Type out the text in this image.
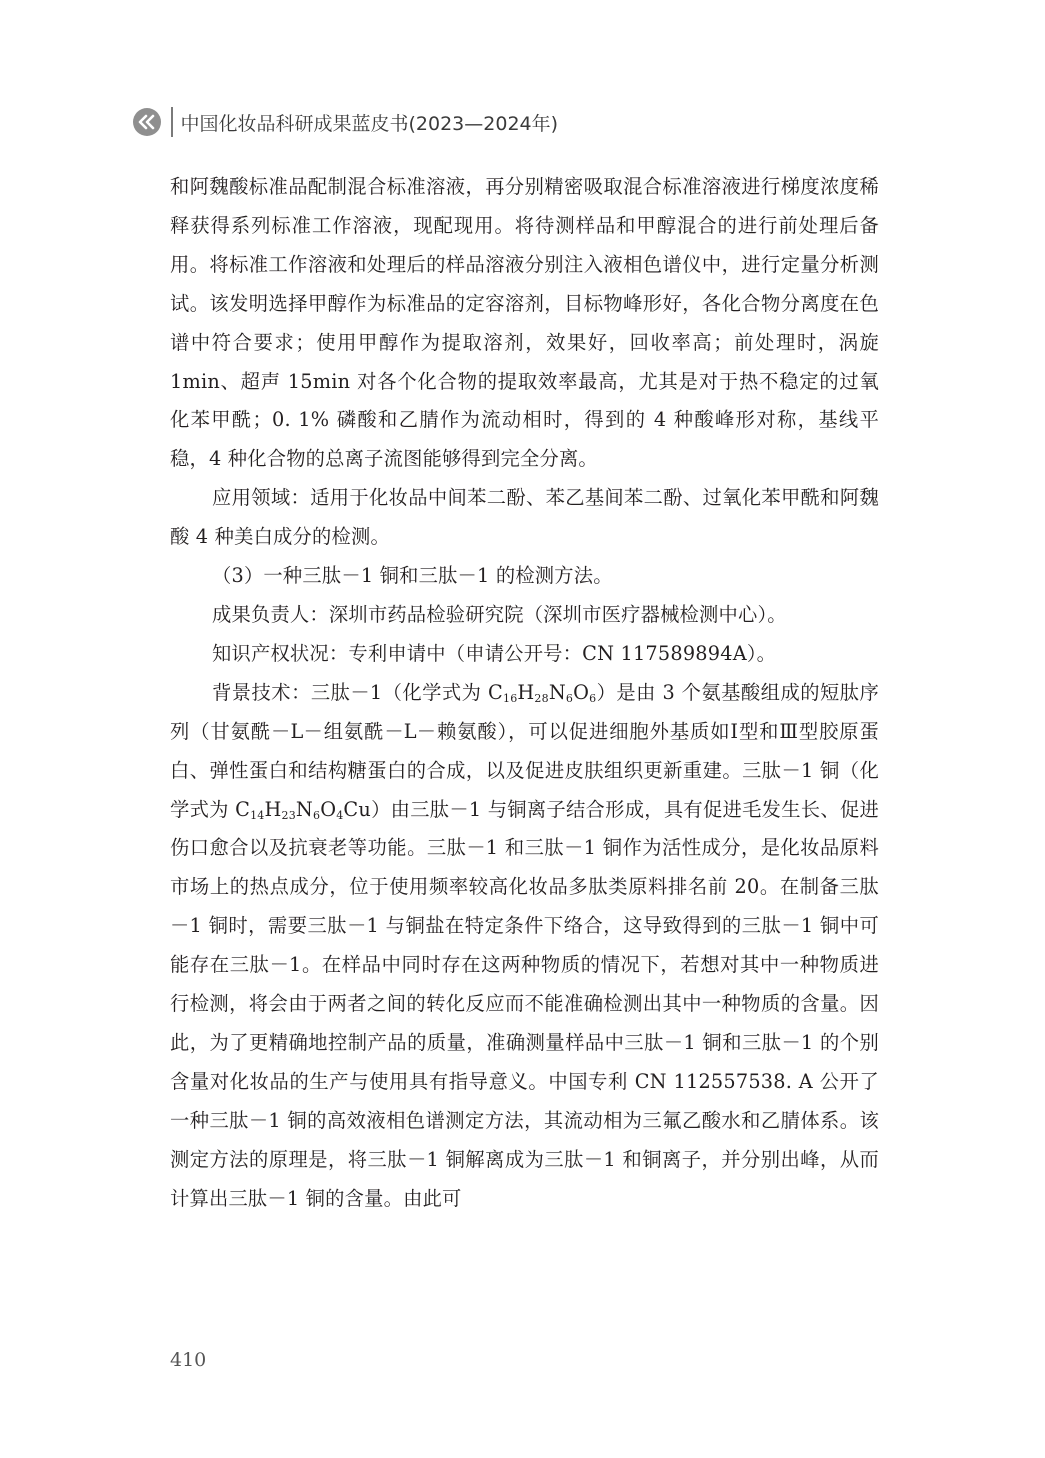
中国化妆品科研成果蓝皮书(2023—2024年)

和阿魏酸标准品配制混合标准溶液，再分别精密吸取混合标准溶液进行梯度浓度稀释获得系列标准工作溶液，现配现用。将待测样品和甲醇混合的进行前处理后备用。将标准工作溶液和处理后的样品溶液分别注入液相色谱仪中，进行定量分析测试。该发明选择甲醇作为标准品的定容溶剂，目标物峰形好，各化合物分离度在色谱中符合要求；使用甲醇作为提取溶剂，效果好，回收率高；前处理时，涡旋 1min、超声 15min 对各个化合物的提取效率最高，尤其是对于热不稳定的过氧化苯甲酰；0. 1% 磷酸和乙腈作为流动相时，得到的 4 种酸峰形对称，基线平稳，4 种化合物的总离子流图能够得到完全分离。

应用领域：适用于化妆品中间苯二酚、苯乙基间苯二酚、过氧化苯甲酰和阿魏酸 4 种美白成分的检测。

（3）一种三肽－1 铜和三肽－1 的检测方法。

成果负责人：深圳市药品检验研究院（深圳市医疗器械检测中心）。

知识产权状况：专利申请中（申请公开号：CN 117589894A）。

背景技术：三肽－1（化学式为 $C_{16}H_{28}N_6O_6$）是由 3 个氨基酸组成的短肽序列（甘氨酰－L－组氨酰－L－赖氨酸），可以促进细胞外基质如Ⅰ型和Ⅲ型胶原蛋白、弹性蛋白和结构糖蛋白的合成，以及促进皮肤组织更新重建。三肽－1 铜（化学式为 $C_{14}H_{23}N_6O_4Cu$）由三肽－1 与铜离子结合形成，具有促进毛发生长、促进伤口愈合以及抗衰老等功能。三肽－1 和三肽－1 铜作为活性成分，是化妆品原料市场上的热点成分，位于使用频率较高化妆品多肽类原料排名前 20。在制备三肽－1 铜时，需要三肽－1 与铜盐在特定条件下络合，这导致得到的三肽－1 铜中可能存在三肽－1。在样品中同时存在这两种物质的情况下，若想对其中一种物质进行检测，将会由于两者之间的转化反应而不能准确检测出其中一种物质的含量。因此，为了更精确地控制产品的质量，准确测量样品中三肽－1 铜和三肽－1 的个别含量对化妆品的生产与使用具有指导意义。中国专利 CN 112557538. A 公开了一种三肽－1 铜的高效液相色谱测定方法，其流动相为三氟乙酸水和乙腈体系。该测定方法的原理是，将三肽－1 铜解离成为三肽－1 和铜离子，并分别出峰，从而计算出三肽－1 铜的含量。由此可

410
